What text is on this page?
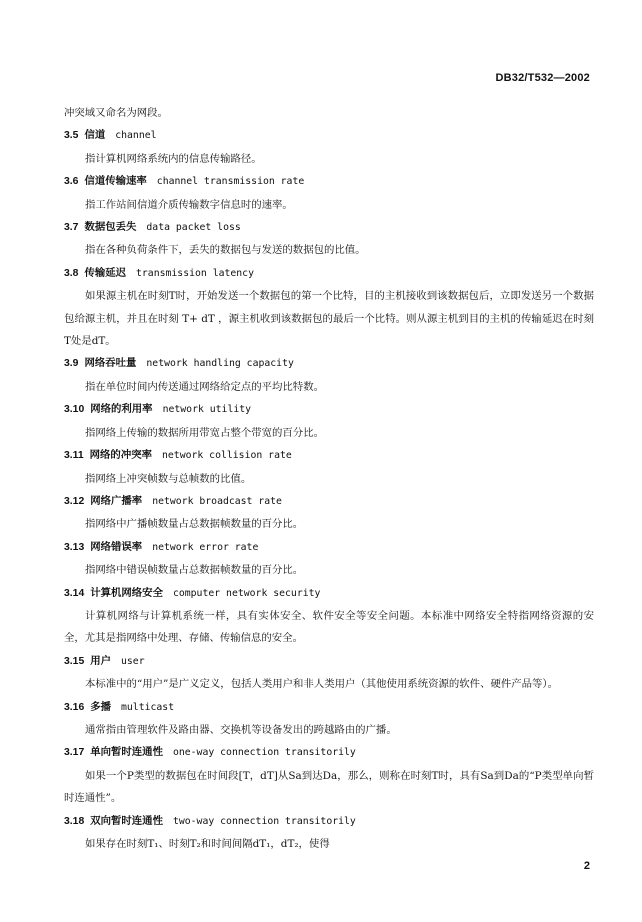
DB32/T532—2002

冲突域又命名为网段。

3.5 信道 channel

指计算机网络系统内的信息传输路径。

3.6 信道传输速率 channel transmission rate

指工作站间信道介质传输数字信息时的速率。

3.7 数据包丢失 data packet loss

指在各种负荷条件下，丢失的数据包与发送的数据包的比值。

3.8 传输延迟 transmission latency

如果源主机在时刻T时，开始发送一个数据包的第一个比特，目的主机接收到该数据包后，立即发送另一个数据包给源主机，并且在时刻 T+ dT ，源主机收到该数据包的最后一个比特。则从源主机到目的主机的传输延迟在时刻T处是dT。

3.9 网络吞吐量 network handling capacity

指在单位时间内传送通过网络给定点的平均比特数。

3.10 网络的利用率 network utility

指网络上传输的数据所用带宽占整个带宽的百分比。

3.11 网络的冲突率 network collision rate

指网络上冲突帧数与总帧数的比值。

3.12 网络广播率 network broadcast rate

指网络中广播帧数量占总数据帧数量的百分比。

3.13 网络错误率 network error rate

指网络中错误帧数量占总数据帧数量的百分比。

3.14 计算机网络安全 computer network security

计算机网络与计算机系统一样，具有实体安全、软件安全等安全问题。本标准中网络安全特指网络资源的安全，尤其是指网络中处理、存储、传输信息的安全。

3.15 用户 user

本标准中的“用户”是广义定义，包括人类用户和非人类用户（其他使用系统资源的软件、硬件产品等）。

3.16 多播 multicast

通常指由管理软件及路由器、交换机等设备发出的跨越路由的广播。

3.17 单向暂时连通性 one-way connection transitorily

如果一个P类型的数据包在时间段[T，dT]从Sa到达Da，那么，则称在时刻T时，具有Sa到Da的“P类型单向暂时连通性”。

3.18 双向暂时连通性 two-way connection transitorily

如果存在时刻T₁、时刻T₂和时间间隔dT₁，dT₂，使得

2
